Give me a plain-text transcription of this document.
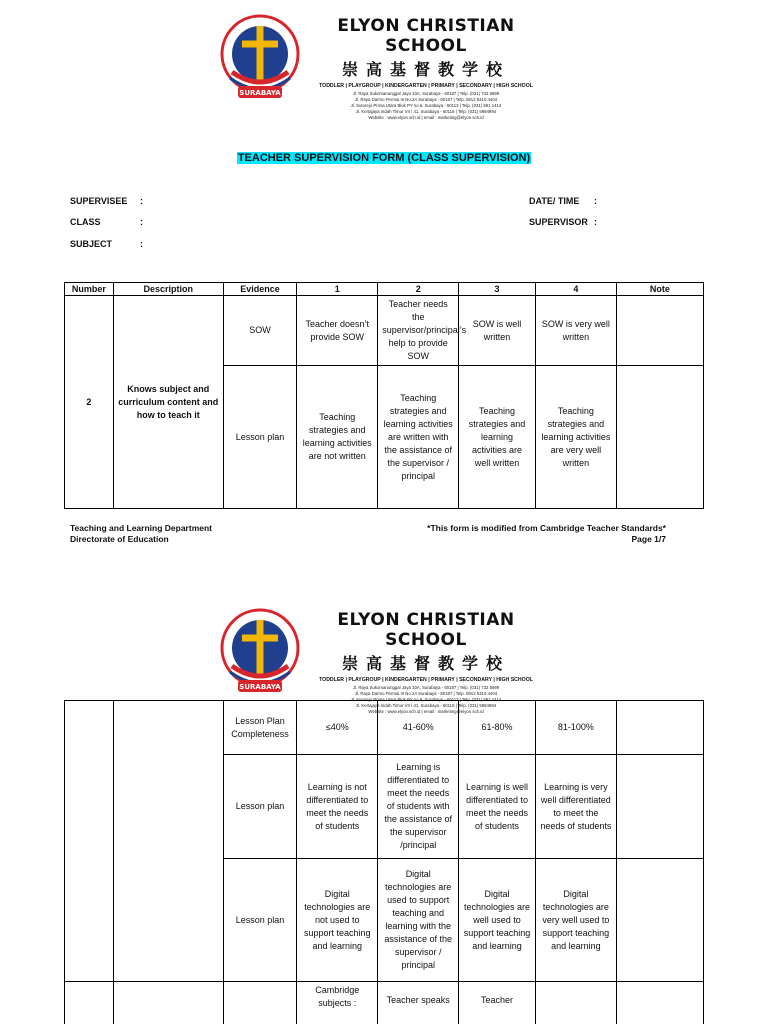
SURABAYA
ELYON CHRISTIAN SCHOOL
崇高基督教学校
TODDLER | PLAYGROUP | KINDERGARTEN | PRIMARY | SECONDARY | HIGH SCHOOL
Jl. Raya Sukomanunggal Jaya 33A, Surabaya - 60187 | Telp. (031) 732 5999
Jl. Raya Darmo Permai III No.2A Surabaya - 60187 | Telp. 0812 5310 4404
Jl. Sutorejo Prima Utara Blok PY no.6, Surabaya - 60113 | Telp. (031) 591 1414
Jl. Kertajaya Indah Timur VII / 41, Surabaya - 60116 | Telp. (031) 5994994
Website : www.elyon.sch.id | email : marketing@elyon.sch.id
TEACHER SUPERVISION FORM (CLASS SUPERVISION)
SUPERVISEE :
CLASS	:
SUBJECT	:
DATE/ TIME :
SUPERVISOR :
Number	Description	Evidence	1	2	3	4	Note
2	Knows subject and curriculum content and how to teach it	SOW	Teacher doesn’t provide SOW	Teacher needs the supervisor/principal’s help to provide SOW	SOW is well written	SOW is very well written	
		Lesson plan	Teaching strategies and learning activities are not written	Teaching strategies and learning activities are written with the assistance of the supervisor / principal	Teaching strategies and learning activities are well written	Teaching strategies and learning activities are very well written	
Teaching and Learning Department
Directorate of Education
*This form is modified from Cambridge Teacher Standards*
Page 1/7
SURABAYA
ELYON CHRISTIAN SCHOOL
崇高基督教学校
TODDLER | PLAYGROUP | KINDERGARTEN | PRIMARY | SECONDARY | HIGH SCHOOL
Jl. Raya Sukomanunggal Jaya 33A, Surabaya - 60187 | Telp. (031) 732 5999
Jl. Raya Darmo Permai III No.2A Surabaya - 60187 | Telp. 0812 5310 4404
Jl. Sutorejo Prima Utara Blok PY no.6, Surabaya - 60113 | Telp. (031) 591 1414
Jl. Kertajaya Indah Timur VII / 41, Surabaya - 60116 | Telp. (031) 5994994
Website : www.elyon.sch.id | email : marketing@elyon.sch.id
		Lesson Plan Completeness	≤40%	41-60%	61-80%	81-100%	
		Lesson plan	Learning is not differentiated to meet the needs of students	Learning is differentiated to meet the needs of students with the assistance of the supervisor /principal	Learning is well differentiated to meet the needs of students	Learning is very well differentiated to meet the needs of students	
		Lesson plan	Digital technologies are not used to support teaching and learning	Digital technologies are used to support teaching and learning with the assistance of the supervisor / principal	Digital technologies are well used to support teaching and learning	Digital technologies are very well used to support teaching and learning	
			Cambridge subjects :	Teacher speaks	Teacher		
